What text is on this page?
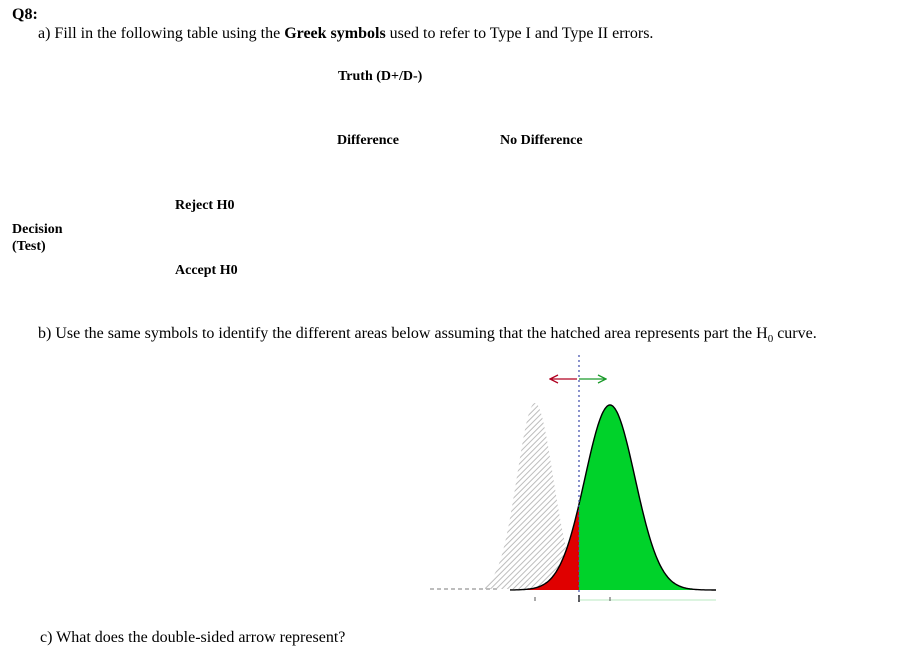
Q8:
a) Fill in the following table using the Greek symbols used to refer to Type I and Type II errors.
Truth (D+/D-)
Difference	No Difference
Reject H0
Decision
(Test)
Accept H0
b) Use the same symbols to identify the different areas below assuming that the hatched area represents part the $H_0$ curve.
c) What does the double-sided arrow represent?
